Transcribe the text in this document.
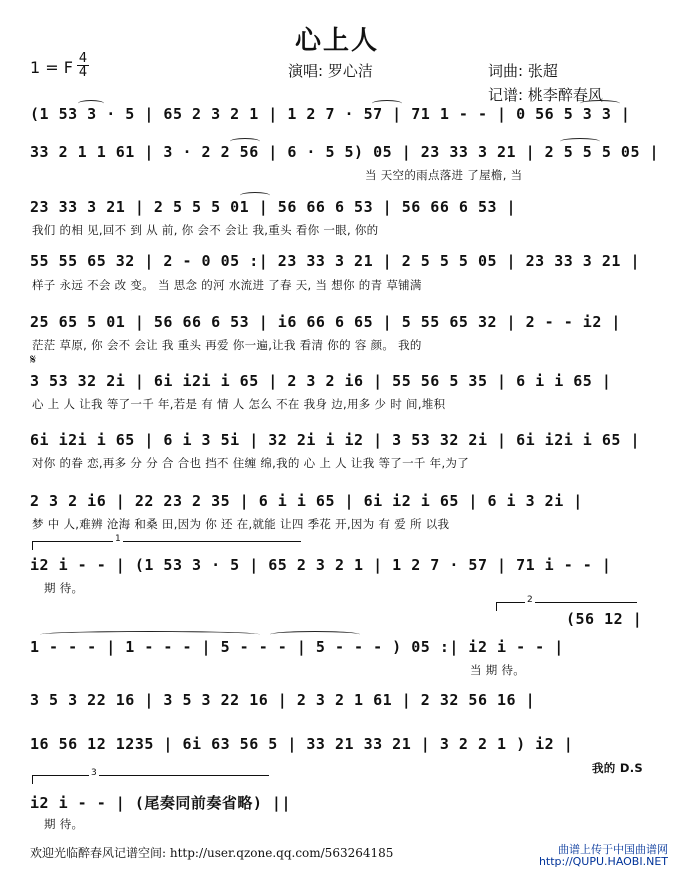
心上人
1 = F 4

4	演唱: 罗心洁	词曲: 张超
记谱: 桃李醉春风
(1 53 3 · 5 | 65 2 3 2 1 | 1 2 7 · 57 | 71 1 - - | 0 56 5 3 3 |
33 2 1 1 61 | 3 · 2 2 56 | 6 · 5 5) 05 | 23 33 3 21 | 2 5 5 5 05 |
当 天空的雨点落进 了屋檐, 当
23 33 3 21 | 2 5 5 5 01 | 56 66 6 53 | 56 66 6 53 |
我们 的相 见,回不 到 从 前, 你 会不 会让 我,重头 看你 一眼, 你的
55 55 65 32 | 2 - 0 05 :| 23 33 3 21 | 2 5 5 5 05 | 23 33 3 21 |
样子 永远 不会 改 变。 当 思念 的河 水流进 了春 天, 当 想你 的青 草铺满
25 65 5 01 | 56 66 6 53 | i6 66 6 65 | 5 55 65 32 | 2 - - i2 |
茫茫 草原, 你 会不 会让 我 重头 再爱 你一遍,让我 看清 你的 容 颜。 我的
𝄋
3 53 32 2i | 6i i2i i 65 | 2 3 2 i6 | 55 56 5 35 | 6 i i 65 |
心 上 人 让我 等了一千 年,若是 有 情 人 怎么 不在 我身 边,用多 少 时 间,堆积
6i i2i i 65 | 6 i 3 5i | 32 2i i i2 | 3 53 32 2i | 6i i2i i 65 |
对你 的眷 恋,再多 分 分 合 合也 挡不 住缠 绵,我的 心 上 人 让我 等了一千 年,为了
2 3 2 i6 | 22 23 2 35 | 6 i i 65 | 6i i2 i 65 | 6 i 3 2i |
梦 中 人,难辨 沧海 和桑 田,因为 你 还 在,就能 让四 季花 开,因为 有 爱 所 以我
1
i2 i - - | (1 53 3 · 5 | 65 2 3 2 1 | 1 2 7 · 57 | 71 i - - |
期 待。
2
(56 12 |
1 - - - | 1 - - - | 5 - - - | 5 - - - ) 05 :| i2 i - - |
当 期 待。
3 5 3 22 16 | 3 5 3 22 16 | 2 3 2 1 61 | 2 32 56 16 |
16 56 12 1235 | 6i 63 56 5 | 33 21 33 21 | 3 2 2 1 ) i2 |
我的 D.S
3
i2 i - - | (尾奏同前奏省略) ||
期 待。
欢迎光临醉春风记谱空间: http://user.qzone.qq.com/563264185	曲谱上传于中国曲谱网
http://QUPU.HAOBI.NET
